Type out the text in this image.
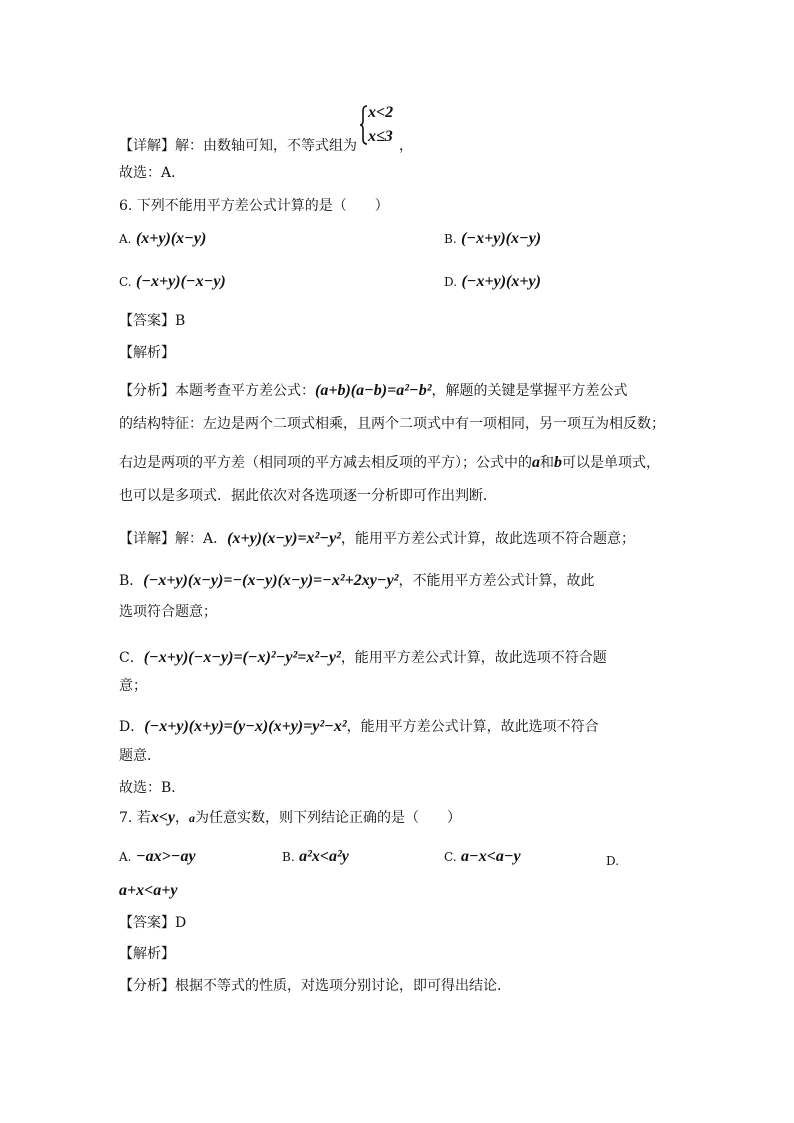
x<2
x≤3
【详解】解：由数轴可知，不等式组为	，
故选：A．
6. 下列不能用平方差公式计算的是（　　）
A. (x+y)(x−y)	B. (−x+y)(x−y)
C. (−x+y)(−x−y)	D. (−x+y)(x+y)
【答案】B
【解析】
【分析】本题考查平方差公式：(a+b)(a−b)=a²−b²，解题的关键是掌握平方差公式
的结构特征：左边是两个二项式相乘，且两个二项式中有一项相同，另一项互为相反数；
右边是两项的平方差（相同项的平方减去相反项的平方）；公式中的a和b可以是单项式，
也可以是多项式．据此依次对各选项逐一分析即可作出判断．
【详解】解：A．(x+y)(x−y)=x²−y²，能用平方差公式计算，故此选项不符合题意；
B．(−x+y)(x−y)=−(x−y)(x−y)=−x²+2xy−y²，不能用平方差公式计算，故此
选项符合题意；
C．(−x+y)(−x−y)=(−x)²−y²=x²−y²，能用平方差公式计算，故此选项不符合题
意；
D．(−x+y)(x+y)=(y−x)(x+y)=y²−x²，能用平方差公式计算，故此选项不符合
题意．
故选：B．
7. 若x<y，a为任意实数，则下列结论正确的是（　　）
A. −ax>−ay	B. a²x<a²y	C. a−x<a−y	D.
a+x<a+y
【答案】D
【解析】
【分析】根据不等式的性质，对选项分别讨论，即可得出结论．
